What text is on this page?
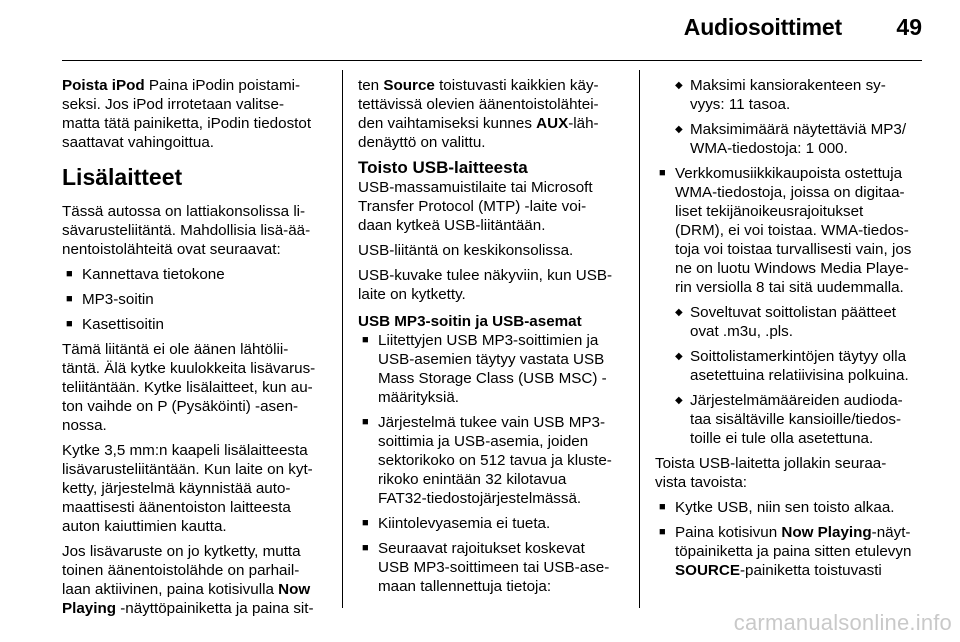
Audiosoittimet 49

Poista iPod Paina iPodin poistami-
seksi. Jos iPod irrotetaan valitse-
matta tätä painiketta, iPodin tiedostot
saattavat vahingoittua.

Lisälaitteet

Tässä autossa on lattiakonsolissa li-
sävarusteliitäntä. Mahdollisia lisä-ää-
nentoistolähteitä ovat seuraavat:

■ Kannettava tietokone
■ MP3-soitin
■ Kasettisoitin

Tämä liitäntä ei ole äänen lähtölii-
täntä. Älä kytke kuulokkeita lisävarus-
teliitäntään. Kytke lisälaitteet, kun au-
ton vaihde on P (Pysäköinti) -asen-
nossa.

Kytke 3,5 mm:n kaapeli lisälaitteesta
lisävarusteliitäntään. Kun laite on kyt-
ketty, järjestelmä käynnistää auto-
maattisesti äänentoiston laitteesta
auton kaiuttimien kautta.

Jos lisävaruste on jo kytketty, mutta
toinen äänentoistolähde on parhail-
laan aktiivinen, paina kotisivulla Now
Playing -näyttöpainiketta ja paina sit-

ten Source toistuvasti kaikkien käy-
tettävissä olevien äänentoistolähtei-
den vaihtamiseksi kunnes AUX-läh-
denäyttö on valittu.

Toisto USB-laitteesta

USB-massamuistilaite tai Microsoft
Transfer Protocol (MTP) -laite voi-
daan kytkeä USB-liitäntään.

USB-liitäntä on keskikonsolissa.

USB-kuvake tulee näkyviin, kun USB-
laite on kytketty.

USB MP3-soitin ja USB-asemat
■ Liitettyjen USB MP3-soittimien ja
USB-asemien täytyy vastata USB
Mass Storage Class (USB MSC) -
määrityksiä.
■ Järjestelmä tukee vain USB MP3-
soittimia ja USB-asemia, joiden
sektorikoko on 512 tavua ja kluste-
rikoko enintään 32 kilotavua
FAT32-tiedostojärjestelmässä.
■ Kiintolevyasemia ei tueta.
■ Seuraavat rajoitukset koskevat
USB MP3-soittimeen tai USB-ase-
maan tallennettuja tietoja:
◆ Maksimi kansiorakenteen sy-
vyys: 11 tasoa.
◆ Maksimimäärä näytettäviä MP3/
WMA-tiedostoja: 1 000.
■ Verkkomusiikkikaupoista ostettuja
WMA-tiedostoja, joissa on digitaa-
liset tekijänoikeusrajoitukset
(DRM), ei voi toistaa. WMA-tiedos-
toja voi toistaa turvallisesti vain, jos
ne on luotu Windows Media Playe-
rin versiolla 8 tai sitä uudemmalla.
◆ Soveltuvat soittolistan päätteet
ovat .m3u, .pls.
◆ Soittolistamerkintöjen täytyy olla
asetettuina relatiivisina polkuina.
◆ Järjestelmämääreiden audioda-
taa sisältäville kansioille/tiedos-
toille ei tule olla asetettuna.

Toista USB-laitetta jollakin seuraa-
vista tavoista:

■ Kytke USB, niin sen toisto alkaa.
■ Paina kotisivun Now Playing-näyt-
töpainiketta ja paina sitten etulevyn
SOURCE-painiketta toistuvasti
carmanualsonline.info
